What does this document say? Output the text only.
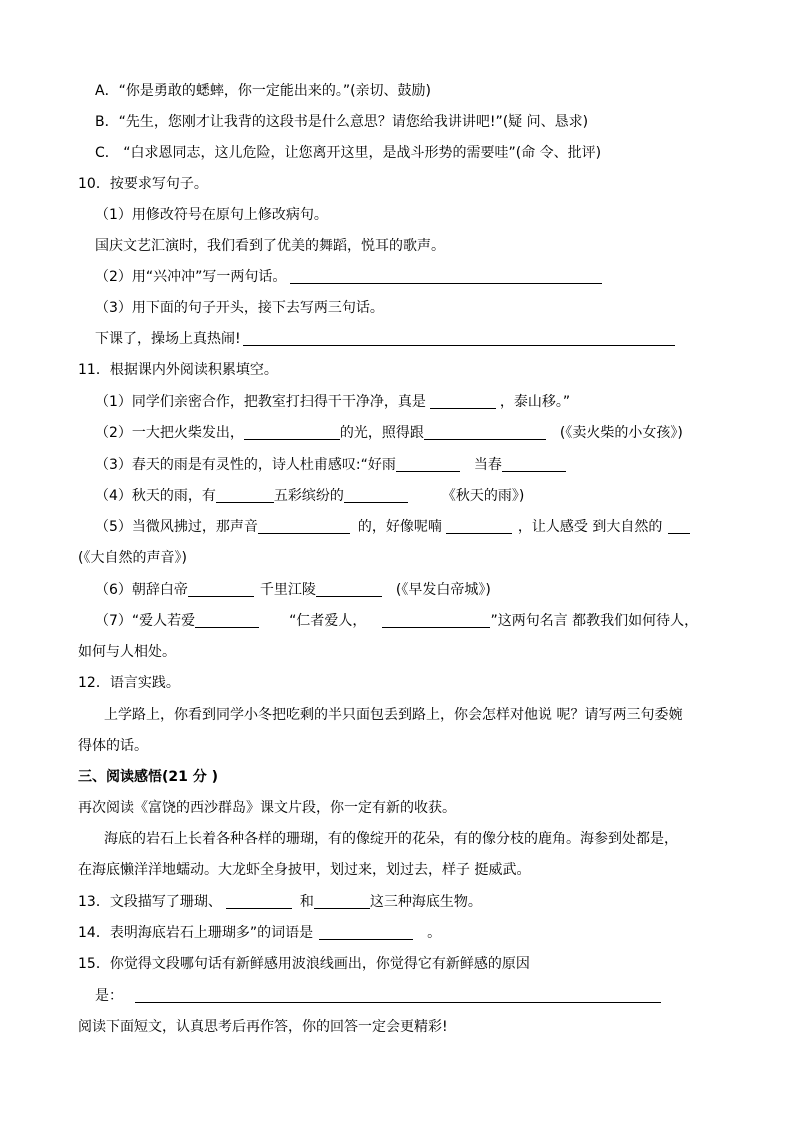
A．“你是勇敢的蟋蟀，你一定能出来的。”(亲切、鼓励)
B．“先生，您刚才让我背的这段书是什么意思？请您给我讲讲吧!”(疑 问、恳求)
C． “白求恩同志，这儿危险，让您离开这里，是战斗形势的需要哇”(命 令、批评)
10．按要求写句子。
（1）用修改符号在原句上修改病句。
国庆文艺汇演时，我们看到了优美的舞蹈，悦耳的歌声。
（2）用“兴冲冲”写一两句话。
（3）用下面的句子开头，接下去写两三句话。
下课了，操场上真热闹!
11．根据课内外阅读积累填空。
（1）同学们亲密合作，把教室打扫得干干净净，真是	，泰山移。”
（2）一大把火柴发出，	的光，照得跟	(《卖火柴的小女孩》)
（3）春天的雨是有灵性的，诗人杜甫感叹:“好雨	当春
（4）秋天的雨，有	五彩缤纷的	《秋天的雨》)
（5）当微风拂过，那声音	的，好像呢喃	，让人感受 到大自然的
(《大自然的声音》)
（6）朝辞白帝	千里江陵	(《早发白帝城》)
（7）“爱人若爱	“仁者爱人，	”这两句名言 都教我们如何待人，
如何与人相处。
12．语言实践。
上学路上，你看到同学小冬把吃剩的半只面包丢到路上，你会怎样对他说 呢？请写两三句委婉
得体的话。
三、阅读感悟(21 分 )
再次阅读《富饶的西沙群岛》课文片段，你一定有新的收获。
海底的岩石上长着各种各样的珊瑚，有的像绽开的花朵，有的像分枝的鹿角。海参到处都是，
在海底懒洋洋地蠕动。大龙虾全身披甲，划过来，划过去，样子 挺威武。
13．文段描写了珊瑚、	和	这三种海底生物。
14．表明海底岩石上珊瑚多”的词语是	。
15．你觉得文段哪句话有新鲜感用波浪线画出，你觉得它有新鲜感的原因
是：
阅读下面短文，认真思考后再作答，你的回答一定会更精彩!
